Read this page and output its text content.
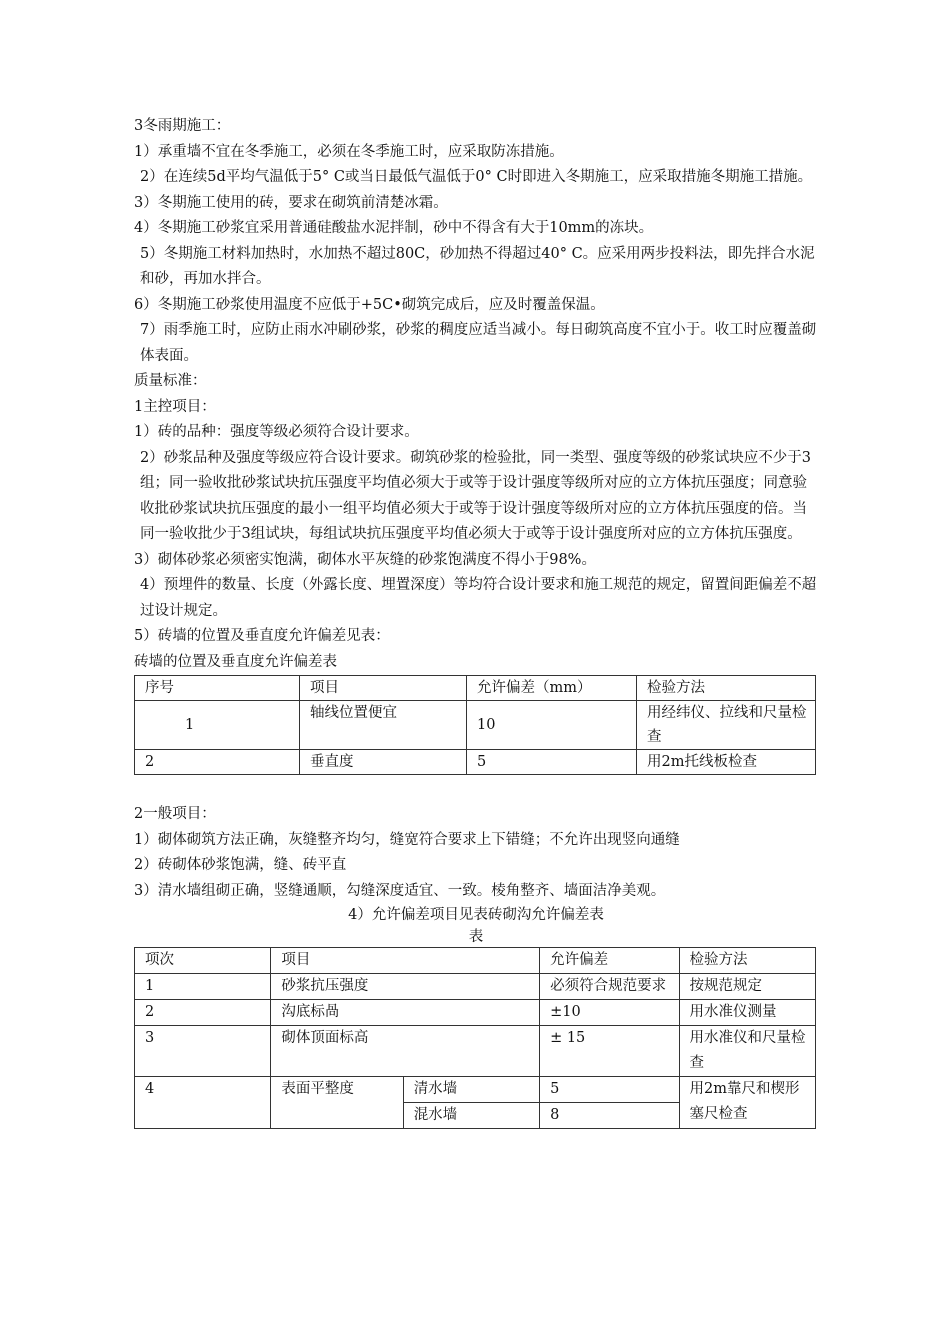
3冬雨期施工：

1）承重墙不宜在冬季施工，必须在冬季施工时，应采取防冻措施。

2）在连续5d平均气温低于5° C或当日最低气温低于0° C时即进入冬期施工，应采取措施冬期施工措施。

3）冬期施工使用的砖，要求在砌筑前清楚冰霜。

4）冬期施工砂浆宜采用普通硅酸盐水泥拌制，砂中不得含有大于10mm的冻块。

5）冬期施工材料加热时，水加热不超过80C，砂加热不得超过40° C。应采用两步投料法，即先拌合水泥和砂，再加水拌合。

6）冬期施工砂浆使用温度不应低于+5C•砌筑完成后，应及时覆盖保温。

7）雨季施工时，应防止雨水冲刷砂浆，砂浆的稠度应适当减小。每日砌筑高度不宜小于。收工时应覆盖砌体表面。

质量标准：

1主控项目：

1）砖的品种：强度等级必须符合设计要求。

2）砂浆品种及强度等级应符合设计要求。砌筑砂浆的检验批，同一类型、强度等级的砂浆试块应不少于3组；同一验收批砂浆试块抗压强度平均值必须大于或等于设计强度等级所对应的立方体抗压强度；同意验收批砂浆试块抗压强度的最小一组平均值必须大于或等于设计强度等级所对应的立方体抗压强度的倍。当同一验收批少于3组试块，每组试块抗压强度平均值必须大于或等于设计强度所对应的立方体抗压强度。

3）砌体砂浆必须密实饱满，砌体水平灰缝的砂浆饱满度不得小于98%。

4）预埋件的数量、长度（外露长度、埋置深度）等均符合设计要求和施工规范的规定，留置间距偏差不超过设计规定。

5）砖墙的位置及垂直度允许偏差见表：

砖墙的位置及垂直度允许偏差表

序号	项目	允许偏差（mm）	检验方法
1	轴线位置便宜	10	用经纬仪、拉线和尺量检查
2	垂直度	5	用2m托线板检查

2一般项目：

1）砌体砌筑方法正确，灰缝整齐均匀，缝宽符合要求上下错缝；不允许出现竖向通缝

2）砖砌体砂浆饱满，缝、砖平直

3）清水墙组砌正确，竖缝通顺，勾缝深度适宜、一致。棱角整齐、墙面洁净美观。

4）允许偏差项目见表砖砌沟允许偏差表

表

项次	项目		允许偏差	检验方法
1	砂浆抗压强度		必须符合规范要求	按规范规定
2	沟底标咼		±10	用水准仪测量
3	砌体顶面标高		± 15	用水准仪和尺量检查
4	表面平整度	清水墙	5	用2m靠尺和楔形塞尺检查
		混水墙	8	
